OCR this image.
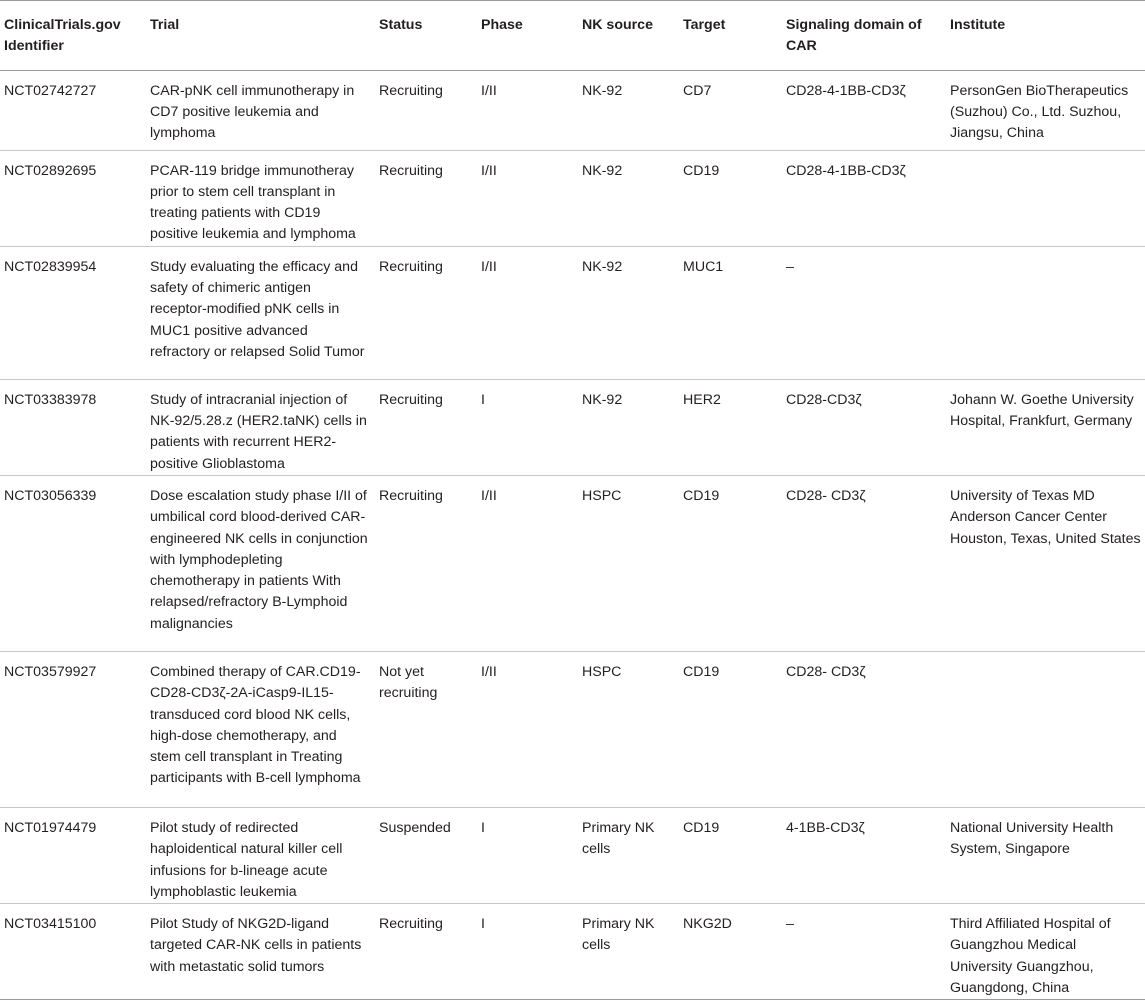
ClinicalTrials.gov Identifier	Trial	Status	Phase	NK source	Target	Signaling domain of CAR	Institute
NCT02742727	CAR-pNK cell immunotherapy in CD7 positive leukemia and lymphoma	Recruiting	I/II	NK-92	CD7	CD28-4-1BB-CD3ζ	PersonGen BioTherapeutics (Suzhou) Co., Ltd. Suzhou, Jiangsu, China
NCT02892695	PCAR-119 bridge immunotheray prior to stem cell transplant in treating patients with CD19 positive leukemia and lymphoma	Recruiting	I/II	NK-92	CD19	CD28-4-1BB-CD3ζ	
NCT02839954	Study evaluating the efficacy and safety of chimeric antigen receptor-modified pNK cells in MUC1 positive advanced refractory or relapsed Solid Tumor	Recruiting	I/II	NK-92	MUC1	–	
NCT03383978	Study of intracranial injection of NK-92/5.28.z (HER2.taNK) cells in patients with recurrent HER2-positive Glioblastoma	Recruiting	I	NK-92	HER2	CD28-CD3ζ	Johann W. Goethe University Hospital, Frankfurt, Germany
NCT03056339	Dose escalation study phase I/II of umbilical cord blood-derived CAR-engineered NK cells in conjunction with lymphodepleting chemotherapy in patients With relapsed/refractory B-Lymphoid malignancies	Recruiting	I/II	HSPC	CD19	CD28- CD3ζ	University of Texas MD Anderson Cancer Center Houston, Texas, United States
NCT03579927	Combined therapy of CAR.CD19- CD28-CD3ζ-2A-iCasp9-IL15-transduced cord blood NK cells, high-dose chemotherapy, and stem cell transplant in Treating participants with B-cell lymphoma	Not yet recruiting	I/II	HSPC	CD19	CD28- CD3ζ	
NCT01974479	Pilot study of redirected haploidentical natural killer cell infusions for b-lineage acute lymphoblastic leukemia	Suspended	I	Primary NK cells	CD19	4-1BB-CD3ζ	National University Health System, Singapore
NCT03415100	Pilot Study of NKG2D-ligand targeted CAR-NK cells in patients with metastatic solid tumors	Recruiting	I	Primary NK cells	NKG2D	–	Third Affiliated Hospital of Guangzhou Medical University Guangzhou, Guangdong, China
